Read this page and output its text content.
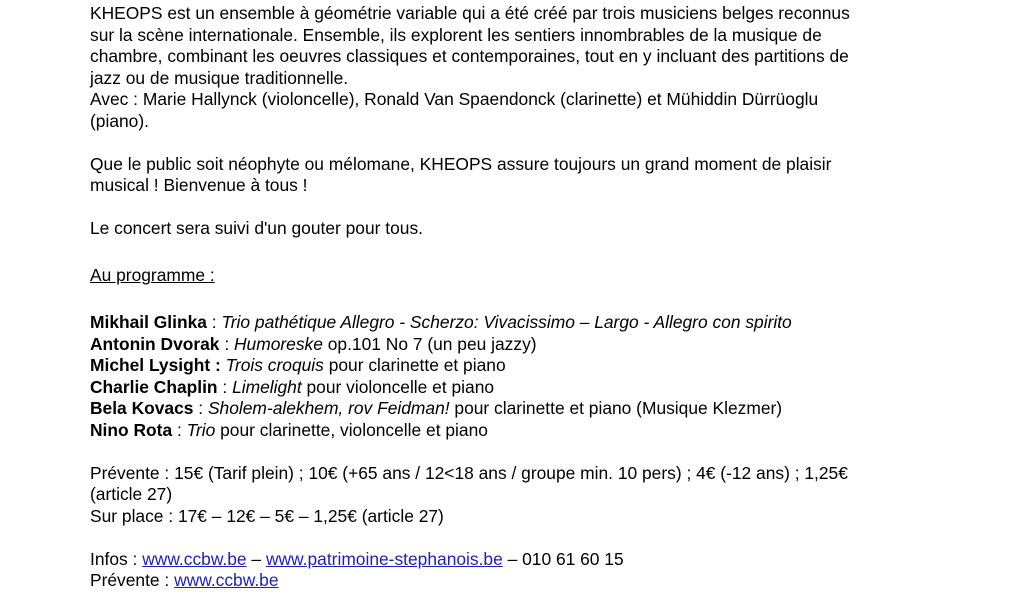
KHEOPS est un ensemble à géométrie variable qui a été créé par trois musiciens belges reconnus
sur la scène internationale. Ensemble, ils explorent les sentiers innombrables de la musique de
chambre, combinant les oeuvres classiques et contemporaines, tout en y incluant des partitions de
jazz ou de musique traditionnelle.
Avec : Marie Hallynck (violoncelle), Ronald Van Spaendonck (clarinette) et Mühiddin Dürrüoglu
(piano).

Que le public soit néophyte ou mélomane, KHEOPS assure toujours un grand moment de plaisir
musical ! Bienvenue à tous !

Le concert sera suivi d'un gouter pour tous.

Au programme :

Mikhail Glinka : Trio pathétique Allegro - Scherzo: Vivacissimo – Largo - Allegro con spirito

Antonin Dvorak : Humoreske op.101 No 7 (un peu jazzy)

Michel Lysight : Trois croquis pour clarinette et piano

Charlie Chaplin : Limelight pour violoncelle et piano

Bela Kovacs : Sholem-alekhem, rov Feidman! pour clarinette et piano (Musique Klezmer)

Nino Rota : Trio pour clarinette, violoncelle et piano

Prévente : 15€ (Tarif plein) ; 10€ (+65 ans / 12<18 ans / groupe min. 10 pers) ; 4€ (-12 ans) ; 1,25€
(article 27)
Sur place : 17€ – 12€ – 5€ – 1,25€ (article 27)

Infos : www.ccbw.be – www.patrimoine-stephanois.be – 010 61 60 15

Prévente : www.ccbw.be
